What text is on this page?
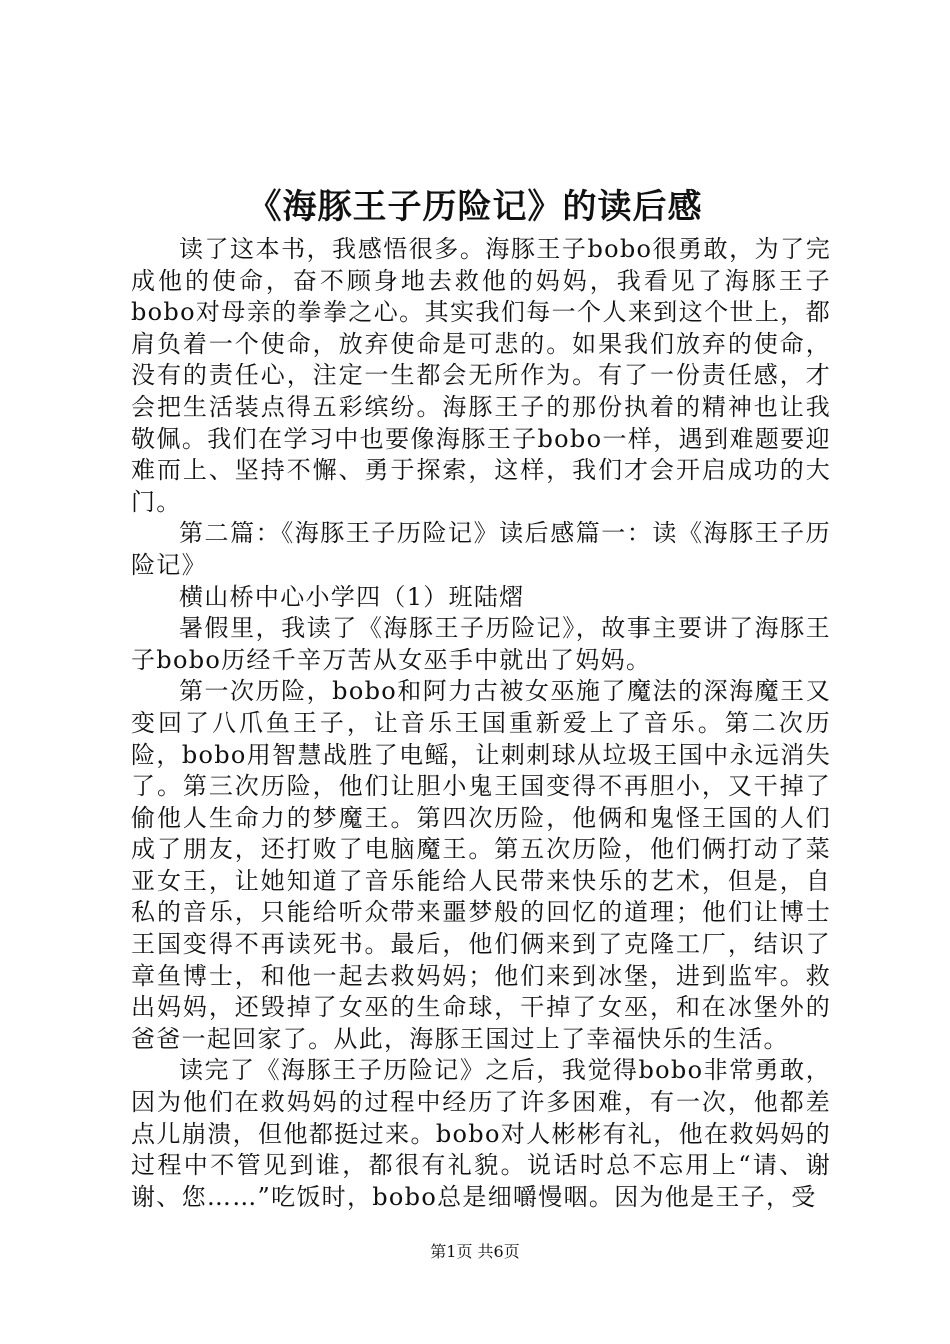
《海豚王子历险记》的读后感

读了这本书，我感悟很多。海豚王子bobo很勇敢，为了完成他的使命，奋不顾身地去救他的妈妈，我看见了海豚王子bobo对母亲的拳拳之心。其实我们每一个人来到这个世上，都肩负着一个使命，放弃使命是可悲的。如果我们放弃的使命，没有的责任心，注定一生都会无所作为。有了一份责任感，才会把生活装点得五彩缤纷。海豚王子的那份执着的精神也让我敬佩。我们在学习中也要像海豚王子bobo一样，遇到难题要迎难而上、坚持不懈、勇于探索，这样，我们才会开启成功的大门。

第二篇：《海豚王子历险记》读后感篇一：读《海豚王子历险记》

横山桥中心小学四（1）班陆熠

暑假里，我读了《海豚王子历险记》，故事主要讲了海豚王子bobo历经千辛万苦从女巫手中就出了妈妈。

第一次历险，bobo和阿力古被女巫施了魔法的深海魔王又变回了八爪鱼王子，让音乐王国重新爱上了音乐。第二次历险，bobo用智慧战胜了电鳐，让刺刺球从垃圾王国中永远消失了。第三次历险，他们让胆小鬼王国变得不再胆小，又干掉了偷他人生命力的梦魔王。第四次历险，他俩和鬼怪王国的人们成了朋友，还打败了电脑魔王。第五次历险，他们俩打动了菜亚女王，让她知道了音乐能给人民带来快乐的艺术，但是，自私的音乐，只能给听众带来噩梦般的回忆的道理；他们让博士王国变得不再读死书。最后，他们俩来到了克隆工厂，结识了章鱼博士，和他一起去救妈妈；他们来到冰堡，进到监牢。救出妈妈，还毁掉了女巫的生命球，干掉了女巫，和在冰堡外的爸爸一起回家了。从此，海豚王国过上了幸福快乐的生活。

读完了《海豚王子历险记》之后，我觉得bobo非常勇敢，因为他们在救妈妈的过程中经历了许多困难，有一次，他都差点儿崩溃，但他都挺过来。bobo对人彬彬有礼，他在救妈妈的过程中不管见到谁，都很有礼貌。说话时总不忘用上“请、谢谢、您……”吃饭时，bobo总是细嚼慢咽。因为他是王子，受

第1页 共6页
